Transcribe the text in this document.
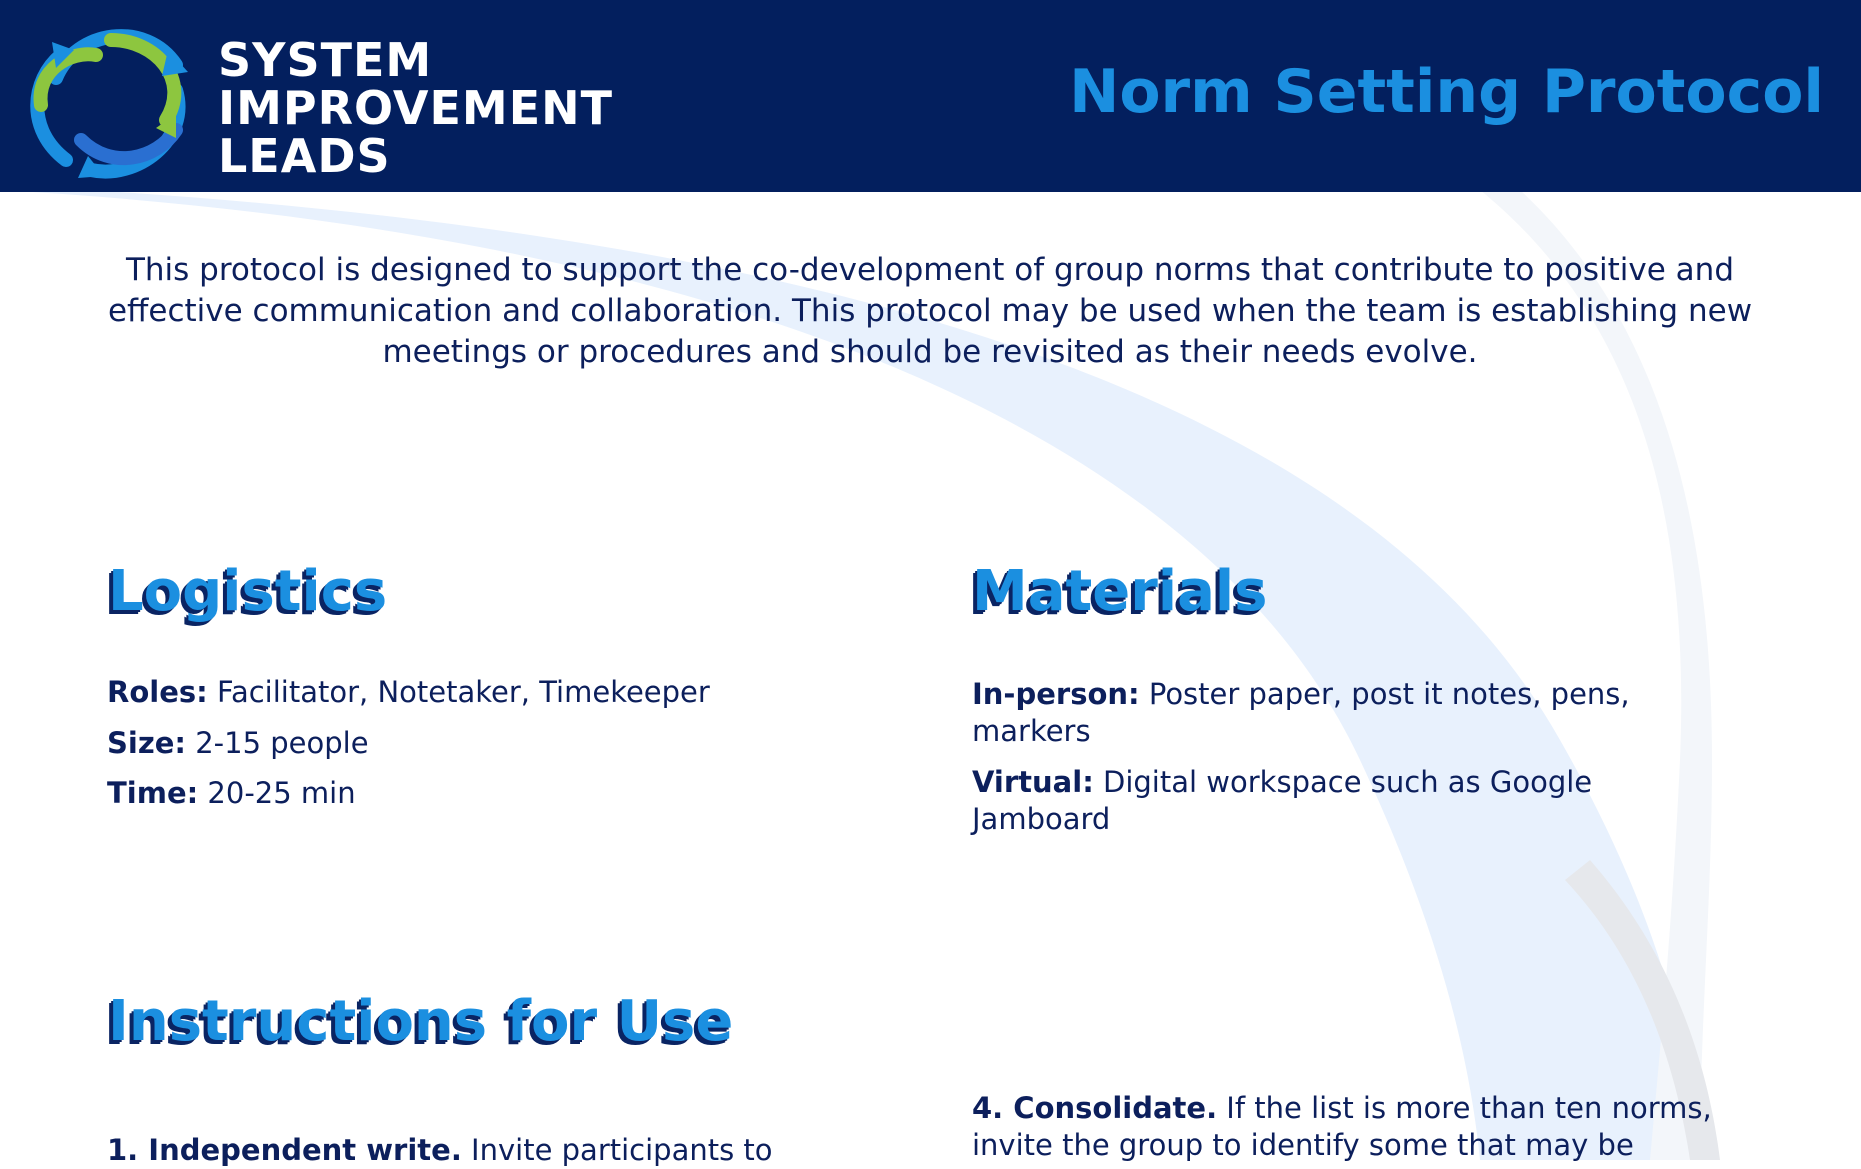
SYSTEM
IMPROVEMENT
LEADS
Norm Setting Protocol
This protocol is designed to support the co-development of group norms that contribute to positive and effective communication and collaboration. This protocol may be used when the team is establishing new meetings or procedures and should be revisited as their needs evolve.
Logistics
Roles: Facilitator, Notetaker, Timekeeper
Size: 2-15 people
Time: 20-25 min
Materials
In-person: Poster paper, post it notes, pens, markers
Virtual: Digital workspace such as Google Jamboard
Instructions for Use
1. Independent write. Invite participants to
4. Consolidate. If the list is more than ten norms, invite the group to identify some that may be
